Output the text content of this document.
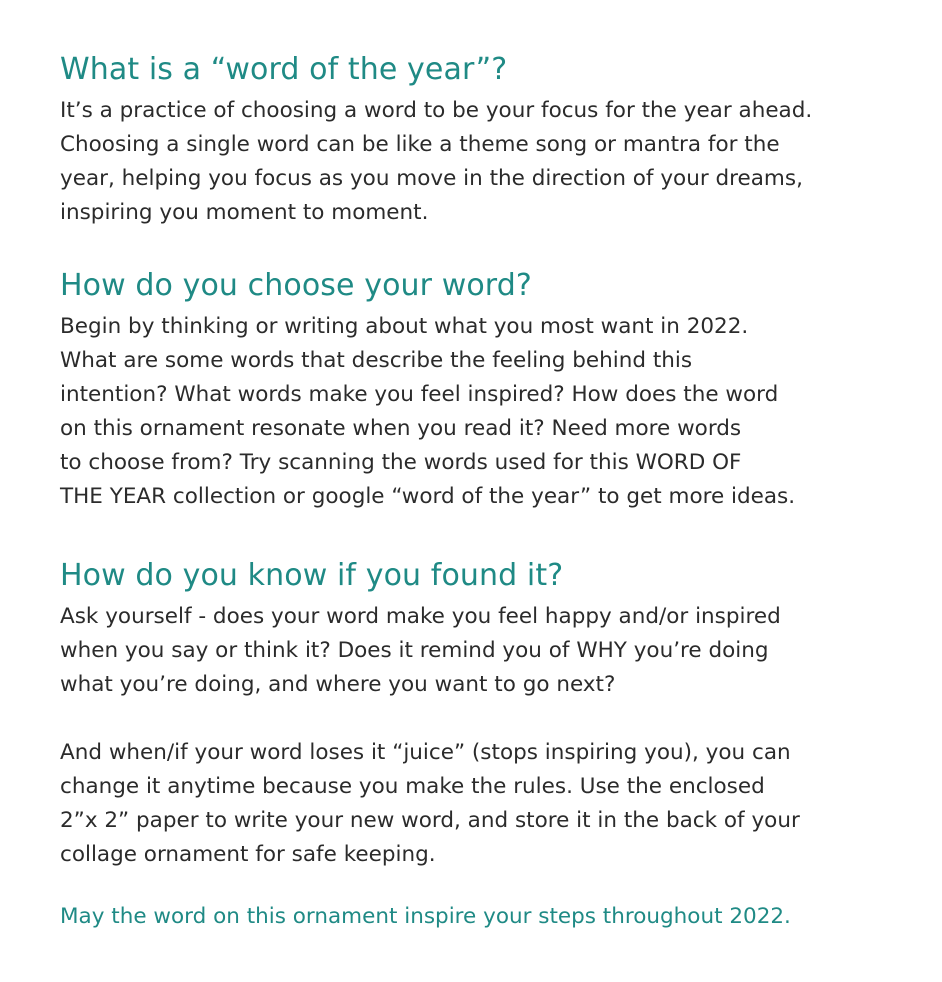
What is a “word of the year”?

It’s a practice of choosing a word to be your focus for the year ahead.

Choosing a single word can be like a theme song or mantra for the

year, helping you focus as you move in the direction of your dreams,

inspiring you moment to moment.

How do you choose your word?

Begin by thinking or writing about what you most want in 2022.

What are some words that describe the feeling behind this

intention? What words make you feel inspired? How does the word

on this ornament resonate when you read it? Need more words

to choose from? Try scanning the words used for this WORD OF

THE YEAR collection or google “word of the year” to get more ideas.

How do you know if you found it?

Ask yourself - does your word make you feel happy and/or inspired

when you say or think it? Does it remind you of WHY you’re doing

what you’re doing, and where you want to go next?

And when/if your word loses it “juice” (stops inspiring you), you can

change it anytime because you make the rules. Use the enclosed

2”x 2” paper to write your new word, and store it in the back of your

collage ornament for safe keeping.

May the word on this ornament inspire your steps throughout 2022.
